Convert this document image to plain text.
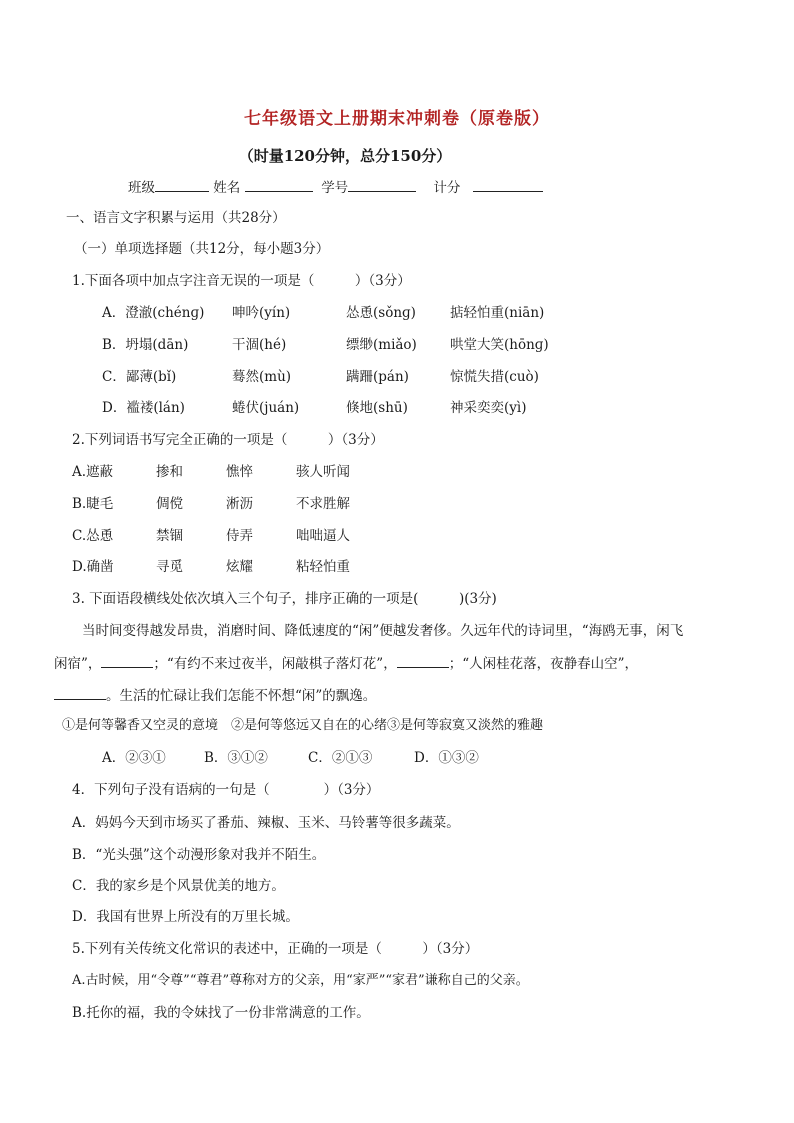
七年级语文上册期末冲刺卷（原卷版）
（时量120分钟，总分150分）
班级	姓名	学号	计分
一、语言文字积累与运用（共28分）
（一）单项选择题（共12分，每小题3分）
1.下面各项中加点字注音无误的一项是（　　　）（3分）
A．澄澈(chénɡ) 呻吟(yín)	怂恿(sǒnɡ)	掂轻怕重(niān)
B．坍塌(dān)	干涸(hé)	缥缈(miǎo) 哄堂大笑(hōnɡ)
C．鄙薄(bǐ)	蓦然(mù)	蹒跚(pán)	惊慌失措(cuò)
D．褴褛(lán)	蜷伏(juán)	倏地(shū)	神采奕奕(yì)
2.下列词语书写完全正确的一项是（　　　）（3分）
A.遮蔽	掺和	憔悴	骇人听闻
B.睫毛	倜傥	淅沥	不求胜解
C.怂恿	禁锢	侍弄	咄咄逼人
D.确凿	寻觅	炫耀	粘轻怕重
3. 下面语段横线处依次填入三个句子，排序正确的一项是(　　　)(3分)
当时间变得越发昂贵，消磨时间、降低速度的“闲”便越发奢侈。久远年代的诗词里，“海鸥无事，闲飞
闲宿”，	；“有约不来过夜半，闲敲棋子落灯花”，	；“人闲桂花落，夜静春山空”，
。生活的忙碌让我们怎能不怀想“闲”的飘逸。
①是何等馨香又空灵的意境　②是何等悠远又自在的心绪③是何等寂寞又淡然的雅趣
A．②③①	B．③①②	C．②①③	D．①③②
4．下列句子没有语病的一句是（　　　　）（3分）
A．妈妈今天到市场买了番茄、辣椒、玉米、马铃薯等很多蔬菜。
B．“光头强”这个动漫形象对我并不陌生。
C．我的家乡是个风景优美的地方。
D．我国有世界上所没有的万里长城。
5.下列有关传统文化常识的表述中，正确的一项是（　　　）（3分）
A.古时候，用“令尊”“尊君”尊称对方的父亲，用“家严”“家君”谦称自己的父亲。
B.托你的福，我的令妹找了一份非常满意的工作。
